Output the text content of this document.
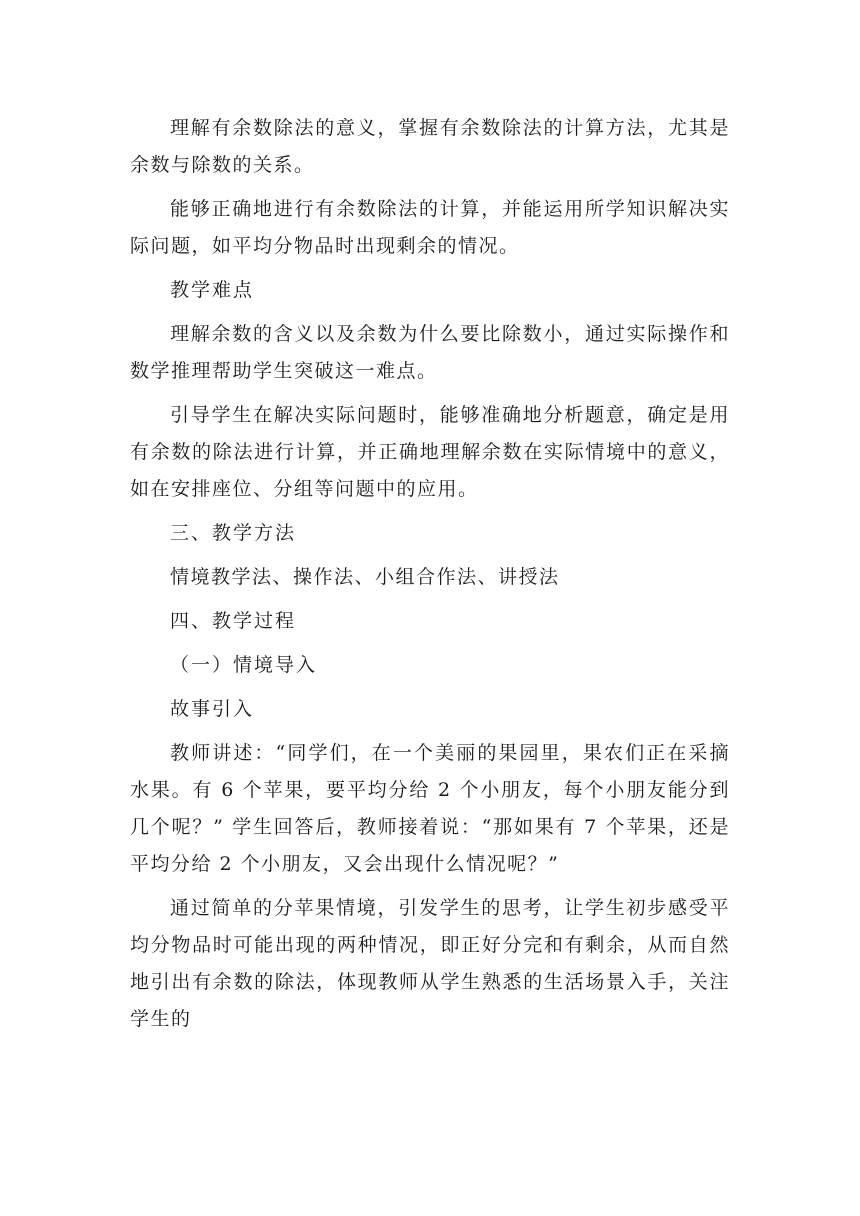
理解有余数除法的意义，掌握有余数除法的计算方法，尤其是余数与除数的关系。

能够正确地进行有余数除法的计算，并能运用所学知识解决实际问题，如平均分物品时出现剩余的情况。

教学难点

理解余数的含义以及余数为什么要比除数小，通过实际操作和数学推理帮助学生突破这一难点。

引导学生在解决实际问题时，能够准确地分析题意，确定是用有余数的除法进行计算，并正确地理解余数在实际情境中的意义，如在安排座位、分组等问题中的应用。

三、教学方法

情境教学法、操作法、小组合作法、讲授法

四、教学过程

（一）情境导入

故事引入

教师讲述：“同学们，在一个美丽的果园里，果农们正在采摘水果。有 6 个苹果，要平均分给 2 个小朋友，每个小朋友能分到几个呢？” 学生回答后，教师接着说：“那如果有 7 个苹果，还是平均分给 2 个小朋友，又会出现什么情况呢？”

通过简单的分苹果情境，引发学生的思考，让学生初步感受平均分物品时可能出现的两种情况，即正好分完和有剩余，从而自然地引出有余数的除法，体现教师从学生熟悉的生活场景入手，关注学生的
